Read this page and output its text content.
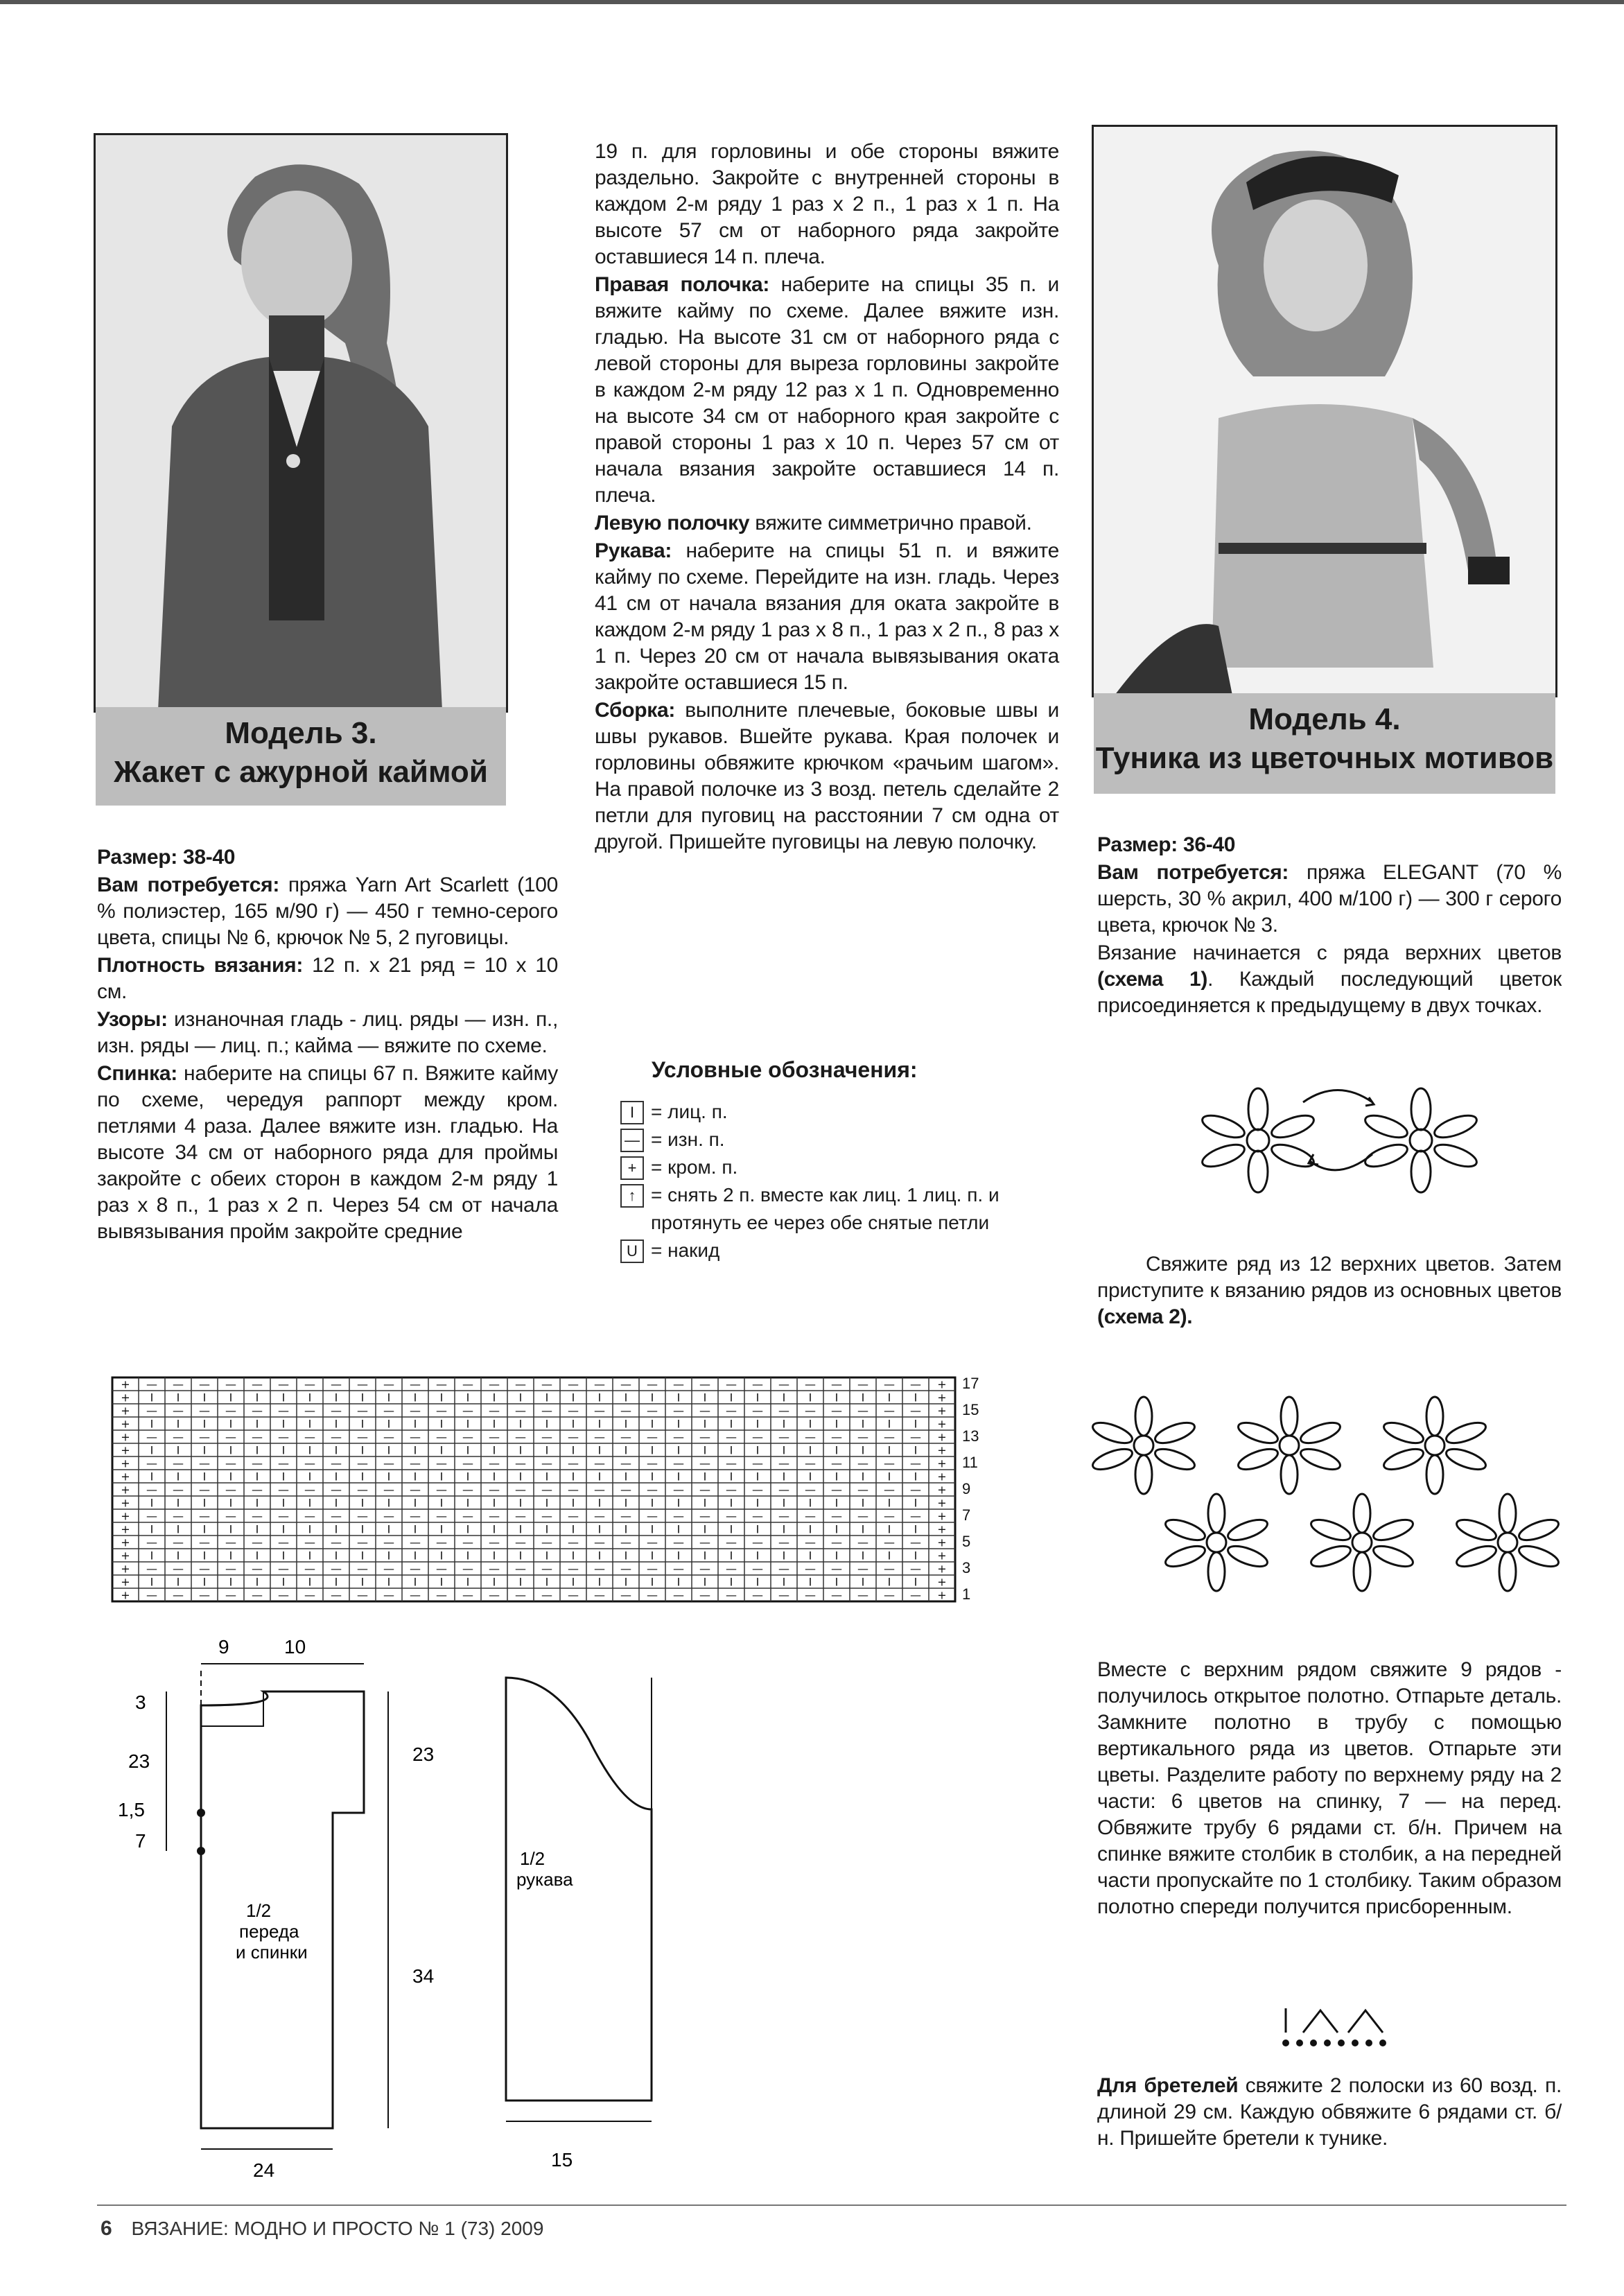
Модель 3.
Жакет с ажурной каймой
Модель 4.
Туника из цветочных мотивов

Размер: 38-40

Вам потребуется: пряжа Yarn Art Scarlett (100 % полиэстер, 165 м/90 г) — 450 г темно-серого цвета, спицы № 6, крючок № 5, 2 пуговицы.

Плотность вязания: 12 п. х 21 ряд = 10 х 10 см.

Узоры: изнаночная гладь - лиц. ряды — изн. п., изн. ряды — лиц. п.; кайма — вяжите по схеме.

Спинка: наберите на спицы 67 п. Вяжите кайму по схеме, чередуя раппорт между кром. петлями 4 раза. Далее вяжите изн. гладью. На высоте 34 см от наборного ряда для проймы закройте с обеих сторон в каждом 2-м ряду 1 раз х 8 п., 1 раз х 2 п. Через 54 см от начала вывязывания пройм закройте средние

19 п. для горловины и обе стороны вяжите раздельно. Закройте с внутренней стороны в каждом 2-м ряду 1 раз х 2 п., 1 раз х 1 п. На высоте 57 см от наборного ряда закройте оставшиеся 14 п. плеча.

Правая полочка: наберите на спицы 35 п. и вяжите кайму по схеме. Далее вяжите изн. гладью. На высоте 31 см от наборного ряда с левой стороны для выреза горловины закройте в каждом 2-м ряду 12 раз х 1 п. Одновременно на высоте 34 см от наборного края закройте с правой стороны 1 раз х 10 п. Через 57 см от начала вязания закройте оставшиеся 14 п. плеча.

Левую полочку вяжите симметрично правой.

Рукава: наберите на спицы 51 п. и вяжите кайму по схеме. Перейдите на изн. гладь. Через 41 см от начала вязания для оката закройте в каждом 2-м ряду 1 раз х 8 п., 1 раз х 2 п., 8 раз х 1 п. Через 20 см от начала вывязывания оката закройте оставшиеся 15 п.

Сборка: выполните плечевые, боковые швы и швы рукавов. Вшейте рукава. Края полочек и горловины обвяжите крючком «рачьим шагом». На правой полочке из 3 возд. петель сделайте 2 петли для пуговиц на расстоянии 7 см одна от другой. Пришейте пуговицы на левую полочку.

Условные обозначения:
I = лиц. п.
— = изн. п.
+ = кром. п.
↑ = снять 2 п. вместе как лиц. 1 лиц. п. и протянуть ее через обе снятые петли
U = накид

Размер: 36-40

Вам потребуется: пряжа ELEGANT (70 % шерсть, 30 % акрил, 400 м/100 г) — 300 г серого цвета, крючок № 3.

Вязание начинается с ряда верхних цветов (схема 1). Каждый последующий цветок присоединяется к предыдущему в двух точках.

Свяжите ряд из 12 верхних цветов. Затем приступите к вязанию рядов из основных цветов (схема 2).

Вместе с верхним рядом свяжите 9 рядов - получилось открытое полотно. Отпарьте деталь. Замкните полотно в трубу с помощью вертикального ряда из цветов. Отпарьте эти цветы. Разделите работу по верхнему ряду на 2 части: 6 цветов на спинку, 7 — на перед. Обвяжите трубу 6 рядами ст. б/н. Причем на спинке вяжите столбик в столбик, а на передней части пропускайте по 1 столбику. Таким образом полотно спереди получится присборенным.

Для бретелей свяжите 2 полоски из 60 возд. п. длиной 29 см. Каждую обвяжите 6 рядами ст. б/н. Пришейте бретели к тунике.

+ — — — — — — — — — — — — — — — — — — — — — — — — — — — — — — +
+ I I I I I I I I I I I I I I I I I I I I I I I I I I I I I I +
+ — — — — — — — — — — — — — — — — — — — — — — — — — — — — — — +
+ I I I I I I I I I I I I I I I I I I I I I I I I I I I I I I +
+ — — — — — — — — — — — — — — — — — — — — — — — — — — — — — — +
+ I I I I I I I I I I I I I I I I I I I I I I I I I I I I I I +
+ — — — — — — — — — — — — — — — — — — — — — — — — — — — — — — +
+ I I I I I I I I I I I I I I I I I I I I I I I I I I I I I I +
+ — — — — — — — — — — — — — — — — — — — — — — — — — — — — — — +
+ I I I I I I I I I I I I I I I I I I I I I I I I I I I I I I +
+ — — — — — — — — — — — — — — — — — — — — — — — — — — — — — — +
+ I I I I I I I I I I I I I I I I I I I I I I I I I I I I I I +
+ — — — — — — — — — — — — — — — — — — — — — — — — — — — — — — +
+ I I I I I I I I I I I I I I I I I I I I I I I I I I I I I I +
+ — — — — — — — — — — — — — — — — — — — — — — — — — — — — — — +
+ I I I I I I I I I I I I I I I I I I I I I I I I I I I I I I +
+ — — — — — — — — — — — — — — — — — — — — — — — — — — — — — — +
17
15
13
11
9
7
5
3
1
9	10
3
23	23
1,5
7
34
24
1/2 переда и спинки
1/2 рукава
15
6 ВЯЗАНИЕ: МОДНО И ПРОСТО № 1 (73) 2009
